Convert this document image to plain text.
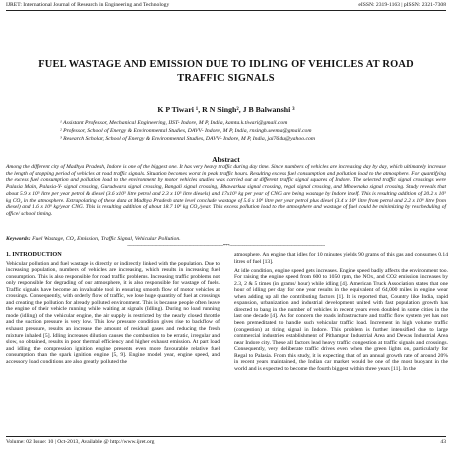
IJRET: International Journal of Research in Engineering and Technology	eISSN: 2319-1163 | pISSN: 2321-7308
FUEL WASTAGE AND EMISSION DUE TO IDLING OF VEHICLES AT ROAD TRAFFIC SIGNALS
K P Tiwari ¹, R N Singh², J B Balwanshi ³
¹ Assistant Professor, Mechanical Engineering, IIST- Indore, M P, India, kamta.k.tiwari@gmail.com
² Professor, School of Energy & Environmental Studies, DAVV- Indore, M P, India, rnsingh.seema@gmail.com
³ Research Scholar, School of Energy & Environmental Studies, DAVV- Indore, M P, India, jai764u@yahoo.com
Abstract
Among the different city of Madhya Pradesh, Indore is one of the biggest one. It has very heavy traffic during day time. Since numbers of vehicles are increasing day by day, which ultimately increase the length of stopping period of vehicles at road traffic signals. Situation becomes worst in peak traffic hours. Resulting excess fuel consumption and pollution load to the atmosphere. For quantifying the excess fuel consumption and pollution load to the environment by motor vehicles studies was carried out at different traffic signal squares of Indore. The selected traffic signal crossings were Palasia Main, Palasia-Y- signal crossing, Gurudwara signal crossing, Bangali signal crossing, Bhawarkua signal crossing, regal signal crossing, and Mhownaka signal crossing. Study reveals that about 5.9 x 10⁵ litre per year petrol & diesel (3.6 x10⁵ litre petrol and 2.3 x 10⁵ litre diesels) and 17x10⁵ kg per year of CNG are being wastage by Indore itself. This is resulting addition of 20.2 x 10⁵ kg CO₂ in the atmosphere. Extrapolating of these data at Madhya Pradesh state level conclude wastage of 5.6 x 10⁶ litre per year petrol plus diesel (3.4 x 10⁶ litre from petrol and 2.2 x 10⁶ litre from diesel) and 1.6 x 10⁶ kg/year CNG. This is resulting addition of about 18.7 10⁶ kg CO₂/year. This excess pollution load to the atmosphere and wastage of fuel could be minimizing by rescheduling of office/ school timing.
Keywords: Fuel Wastage, CO₂ Emission, Traffic Signal, Vehicular Pollution.
----------------------------------------------------------------------***----------------------------------------------------------------------
1. INTRODUCTION

Vehicular pollution and fuel wastage is directly or indirectly linked with the population. Due to increasing population, numbers of vehicles are increasing, which results in increasing fuel consumption. This is also responsible for road traffic problems. Increasing traffic problems not only responsible for degrading of our atmosphere, it is also responsible for wastage of fuels. Traffic signals have become an invaluable tool in ensuring smooth flow of motor vehicles at crossings. Consequently, with orderly flow of traffic, we lose huge quantity of fuel at crossings and creating the pollution for already polluted environment. This is because people often leave the engine of their vehicle running while waiting at signals (Idling). During no load running mode (idling) of the vehicular engine, the air supply is restricted by the nearly closed throttle and the suction pressure is very low. This low pressure condition gives rise to backflow of exhaust pressure, results an increase the amount of residual gases and reducing the fresh mixture inhaled [5]. Idling increases dilution causes the combustion to be erratic, irregular and slow, so obtained, results in poor thermal efficiency and higher exhaust emission. At part load and idling the compression ignition engine presents even more favourable relative fuel consumption than the spark ignition engine [5, 9]. Engine model year, engine speed, and accessory load conditions are also greatly polluted the

atmosphere. An engine that idles for 10 minutes yields 90 grams of this gas and consumes 0.14 litres of fuel [13].

At idle condition, engine speed gets increases. Engine speed badly affects the environment too. For raising the engine speed from 600 to 1050 rpm, the NOx, and CO2 emission increases by 2.3, 2 & 5 times (in grams/ hour) while idling [4]. American Truck Association states that one hour of idling per day for one year results in the equivalent of 64,000 miles in engine wear when adding up all the contributing factors [1]. It is reported that, Country like India, rapid expansion, urbanization and industrial development united with fast population growth has directed to bang in the number of vehicles in recent years even doubled in some cities in the last one decade [4]. As for concern the roads infrastructure and traffic flow system yet has not been premeditated to handle such vehicular traffic load. Increment in high volume traffic (congestion) at tiring signal in Indore. This problem is further intensified due to large commercial industries establishment of Pithampur Industrial Area and Dewas Industrial Area near Indore city. These all factors lead heavy traffic congestion at traffic signals and crossings. Consequently, very deliberate traffic drives even when the green lights on, particularly for Regal to Palasia. From this study, it is expecting that of an annual growth rate of around 20% in recent years maintained, the Indian car market would be one of the most buoyant in the world and is expected to become the fourth biggest within three years [11]. In the

Volume: 02 Issue: 10 | Oct-2013, Available @ http://www.ijret.org	43
